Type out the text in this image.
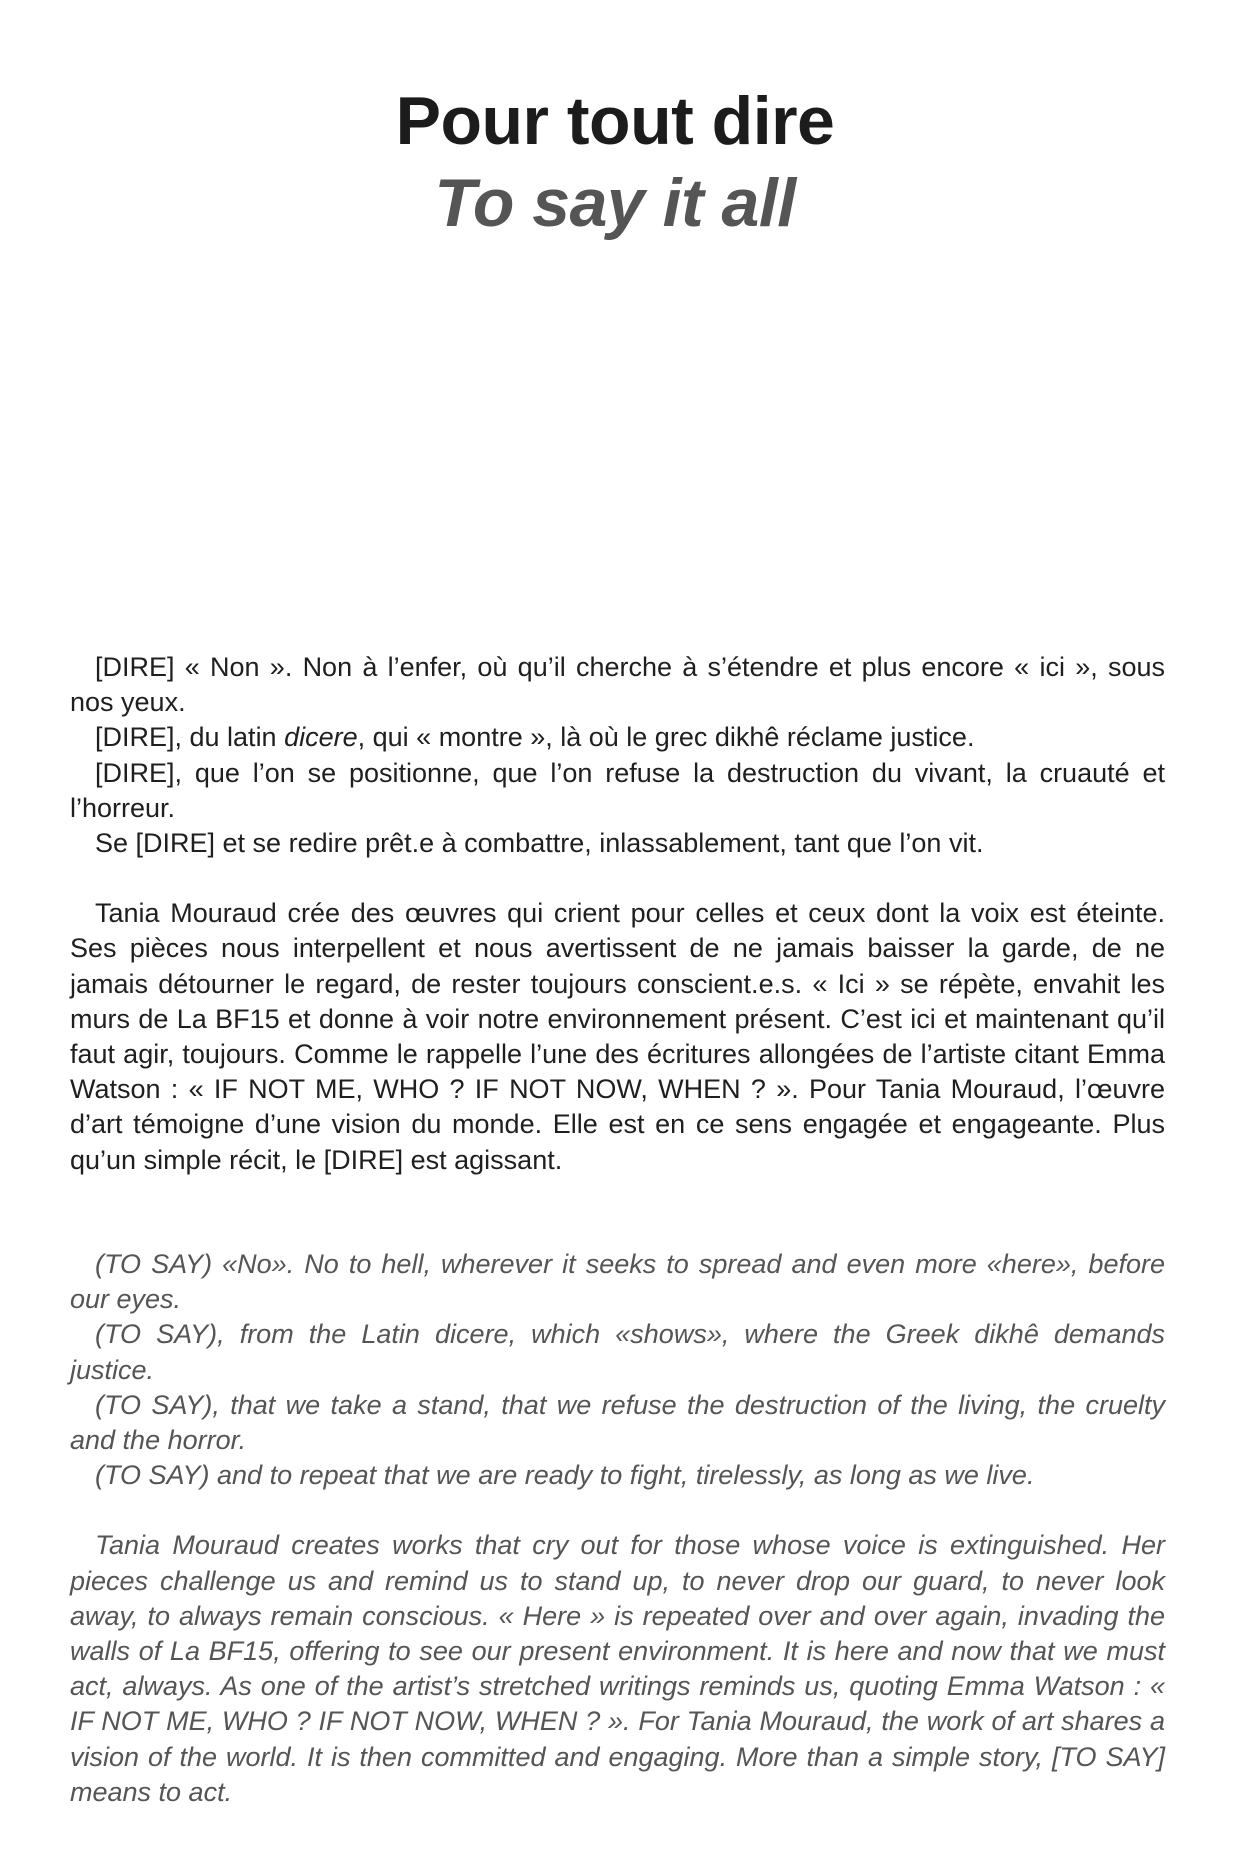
Pour tout dire
To say it all

[DIRE] « Non ». Non à l’enfer, où qu’il cherche à s’étendre et plus encore « ici », sous nos yeux.

[DIRE], du latin dicere, qui « montre », là où le grec dikhê réclame justice.

[DIRE], que l’on se positionne, que l’on refuse la destruction du vivant, la cruauté et l’horreur.

Se [DIRE] et se redire prêt.e à combattre, inlassablement, tant que l’on vit.

Tania Mouraud crée des œuvres qui crient pour celles et ceux dont la voix est éteinte. Ses pièces nous interpellent et nous avertissent de ne jamais baisser la garde, de ne jamais détourner le regard, de rester toujours conscient.e.s. « Ici » se répète, envahit les murs de La BF15 et donne à voir notre environnement présent. C’est ici et maintenant qu’il faut agir, toujours. Comme le rappelle l’une des écritures allongées de l’artiste citant Emma Watson : « IF NOT ME, WHO ? IF NOT NOW, WHEN ? ». Pour Tania Mouraud, l’œuvre d’art témoigne d’une vision du monde. Elle est en ce sens engagée et engageante. Plus qu’un simple récit, le [DIRE] est agissant.

(TO SAY) «No». No to hell, wherever it seeks to spread and even more «here», before our eyes.

(TO SAY), from the Latin dicere, which «shows», where the Greek dikhê demands justice.

(TO SAY), that we take a stand, that we refuse the destruction of the living, the cruelty and the horror.

(TO SAY) and to repeat that we are ready to fight, tirelessly, as long as we live.

Tania Mouraud creates works that cry out for those whose voice is extinguished. Her pieces challenge us and remind us to stand up, to never drop our guard, to never look away, to always remain conscious. « Here » is repeated over and over again, invading the walls of La BF15, offering to see our present environment. It is here and now that we must act, always. As one of the artist’s stretched writings reminds us, quoting Emma Watson : « IF NOT ME, WHO ? IF NOT NOW, WHEN ? ». For Tania Mouraud, the work of art shares a vision of the world. It is then committed and engaging. More than a simple story, [TO SAY] means to act.
